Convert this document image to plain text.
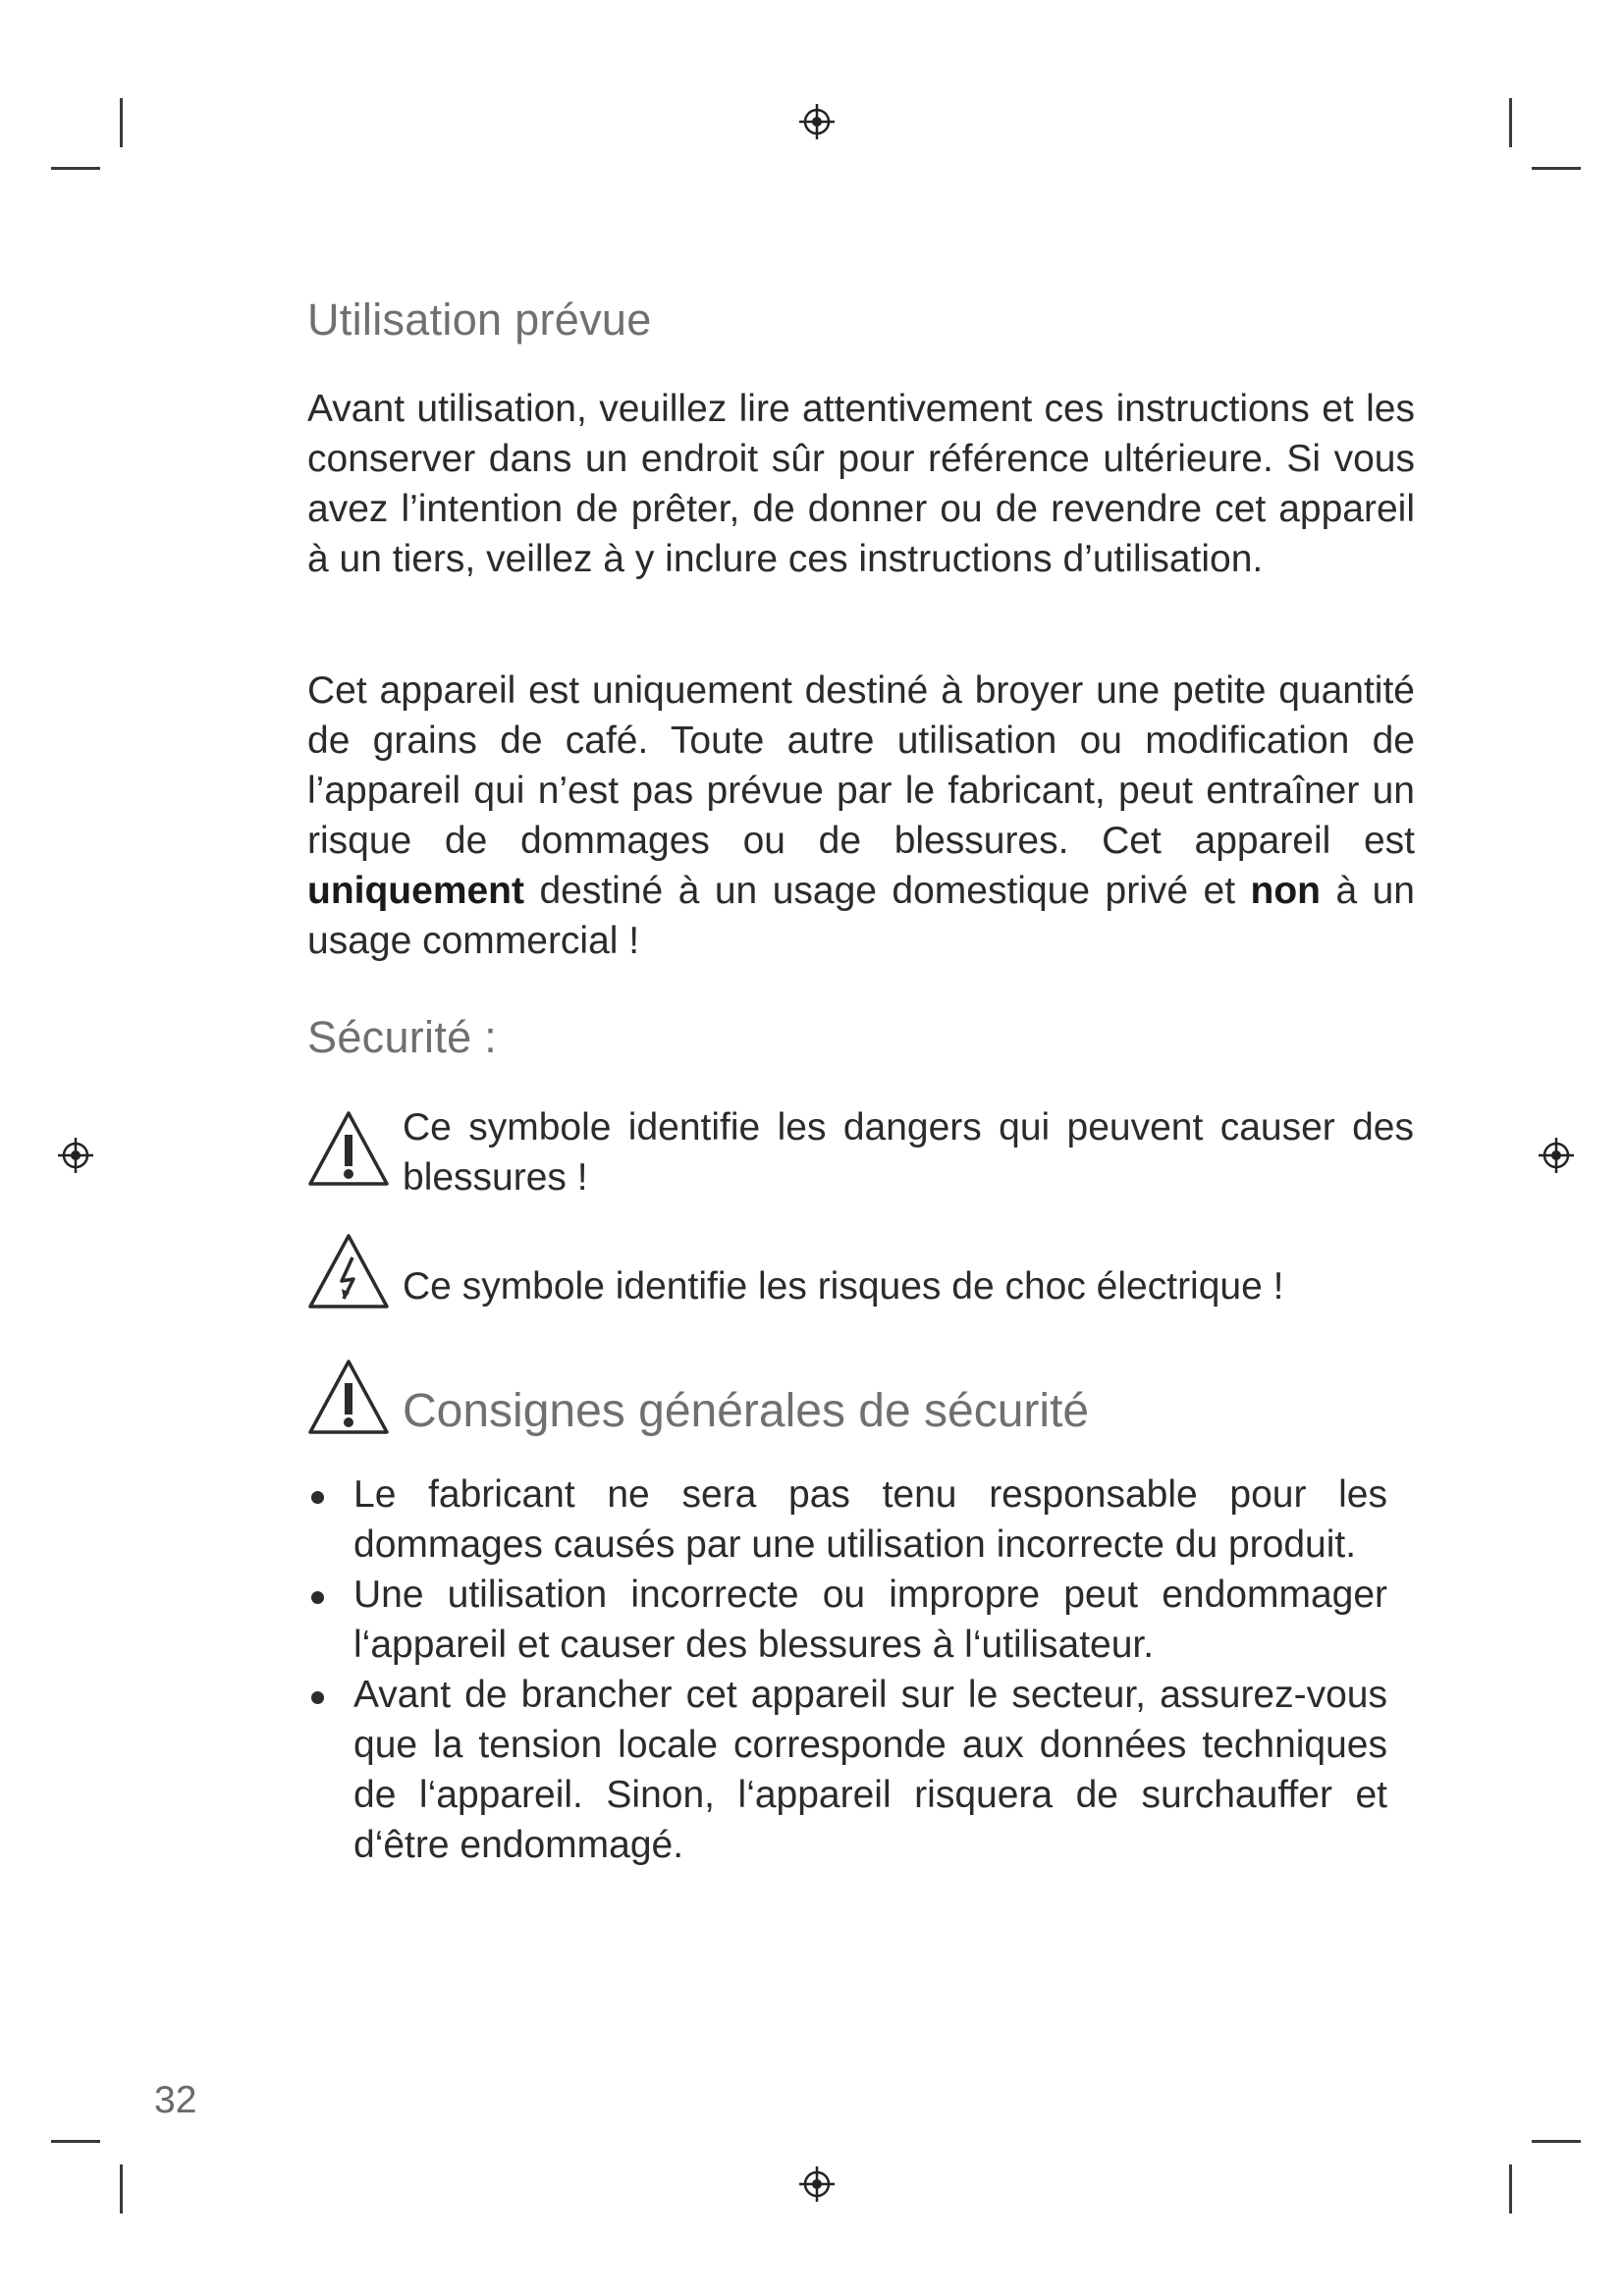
Utilisation prévue

Avant utilisation, veuillez lire attentivement ces instructions et les conserver dans un endroit sûr pour référence ultérieure. Si vous avez l’intention de prêter, de donner ou de revendre cet appareil à un tiers, veillez à y inclure ces instructions d’utilisation.

Cet appareil est uniquement destiné à broyer une petite quantité de grains de café. Toute autre utilisation ou modification de l’appareil qui n’est pas prévue par le fabricant, peut entraîner un risque de dommages ou de blessures. Cet appareil est uniquement destiné à un usage domestique privé et non à un usage commercial !

Sécurité :

Ce symbole identifie les dangers qui peuvent causer des blessures !

Ce symbole identifie les risques de choc électrique !

Consignes générales de sécurité
Le fabricant ne sera pas tenu responsable pour les dommages causés par une utilisation incorrecte du produit.
Une utilisation incorrecte ou impropre peut endommager l‘appareil et causer des blessures à l‘utilisateur.
Avant de brancher cet appareil sur le secteur, assurez-vous que la tension locale corresponde aux données techniques de l‘appareil. Sinon, l‘appareil risquera de surchauffer et d‘être endommagé.
32
